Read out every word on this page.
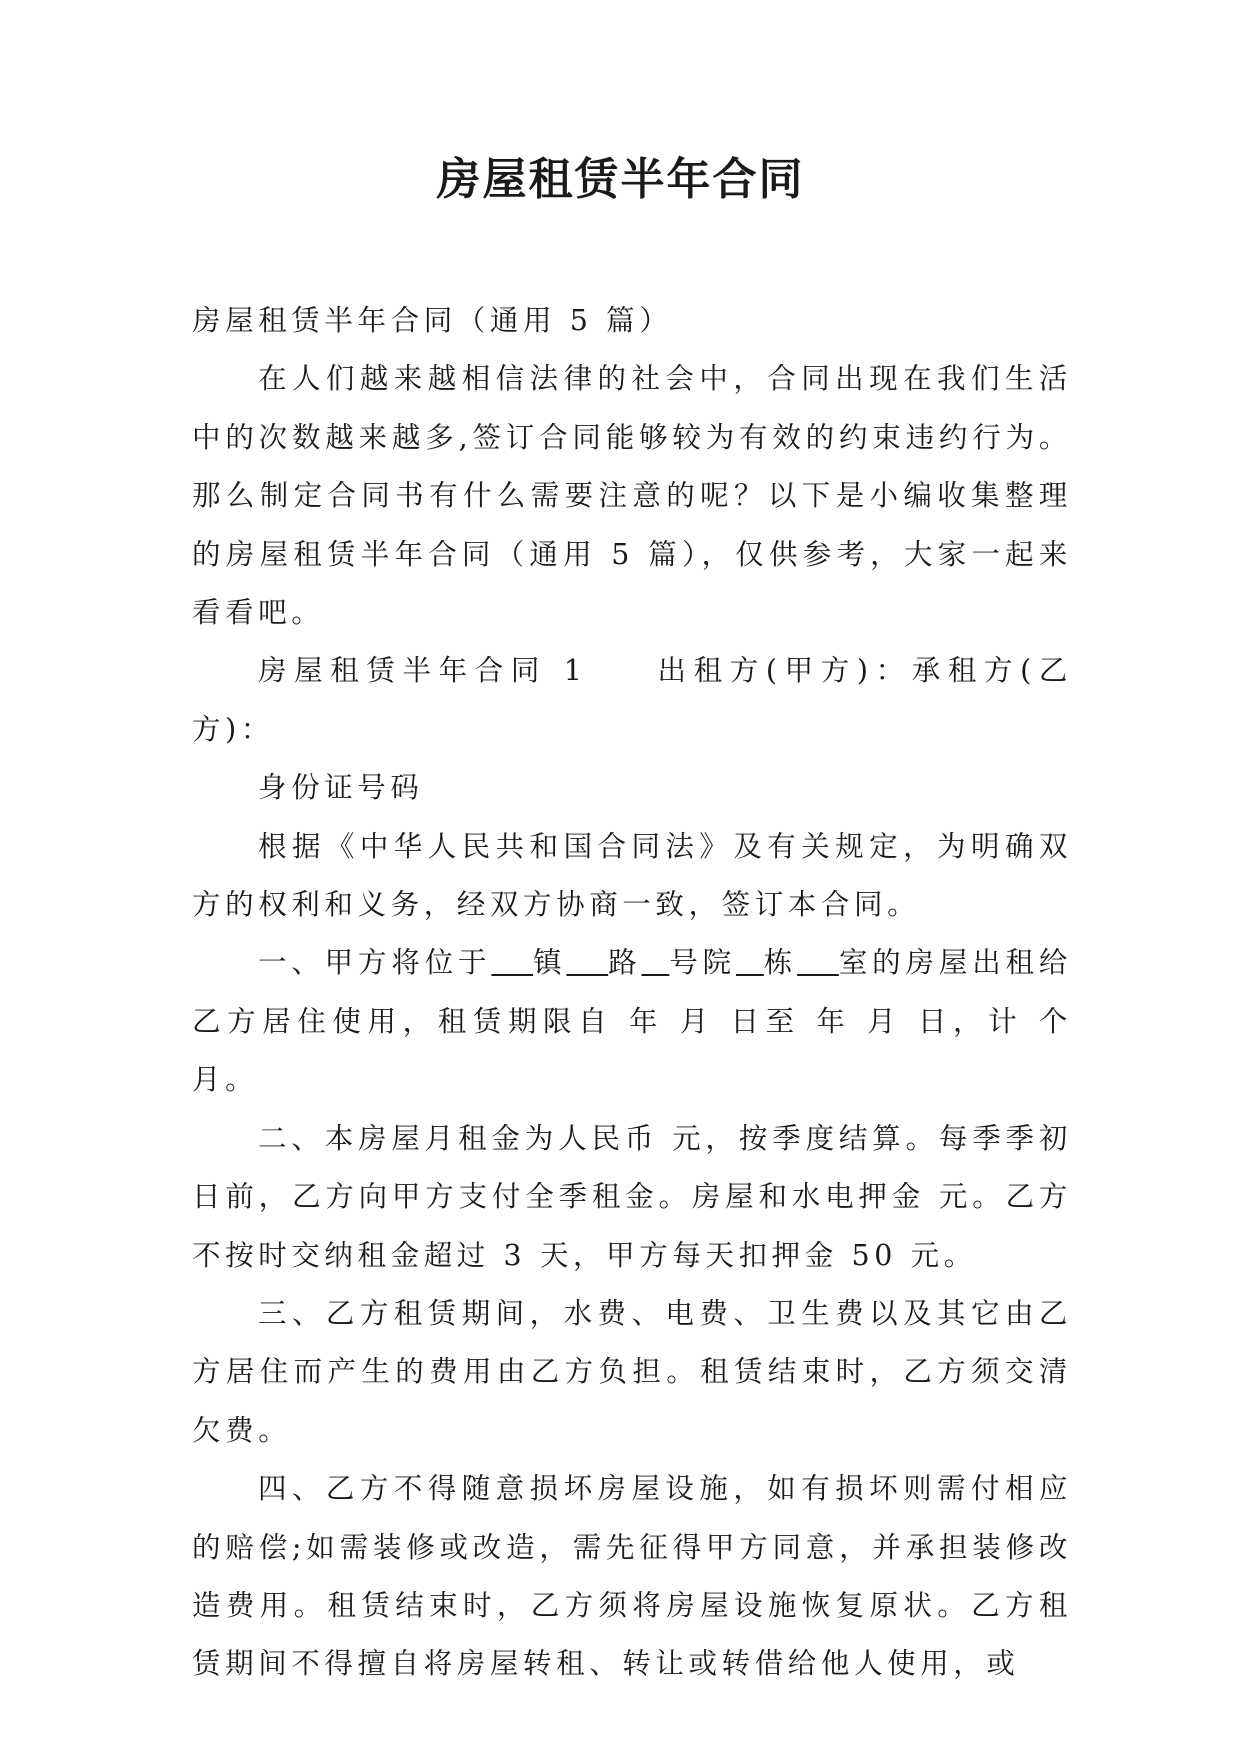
房屋租赁半年合同

房屋租赁半年合同（通用 5 篇）

在人们越来越相信法律的社会中，合同出现在我们生活中的次数越来越多,签订合同能够较为有效的约束违约行为。那么制定合同书有什么需要注意的呢？以下是小编收集整理的房屋租赁半年合同（通用 5 篇），仅供参考，大家一起来看看吧。

房屋租赁半年合同 1 出租方(甲方)：承租方(乙方)：

身份证号码

根据《中华人民共和国合同法》及有关规定，为明确双方的权利和义务，经双方协商一致，签订本合同。

一、甲方将位于 镇 路 号院 栋 室的房屋出租给乙方居住使用，租赁期限自 年 月 日至 年 月 日，计 个月。

二、本房屋月租金为人民币 元，按季度结算。每季季初日前，乙方向甲方支付全季租金。房屋和水电押金 元。乙方不按时交纳租金超过 3 天，甲方每天扣押金 50 元。

三、乙方租赁期间，水费、电费、卫生费以及其它由乙方居住而产生的费用由乙方负担。租赁结束时，乙方须交清欠费。

四、乙方不得随意损坏房屋设施，如有损坏则需付相应的赔偿;如需装修或改造，需先征得甲方同意，并承担装修改造费用。租赁结束时，乙方须将房屋设施恢复原状。乙方租赁期间不得擅自将房屋转租、转让或转借给他人使用，或
